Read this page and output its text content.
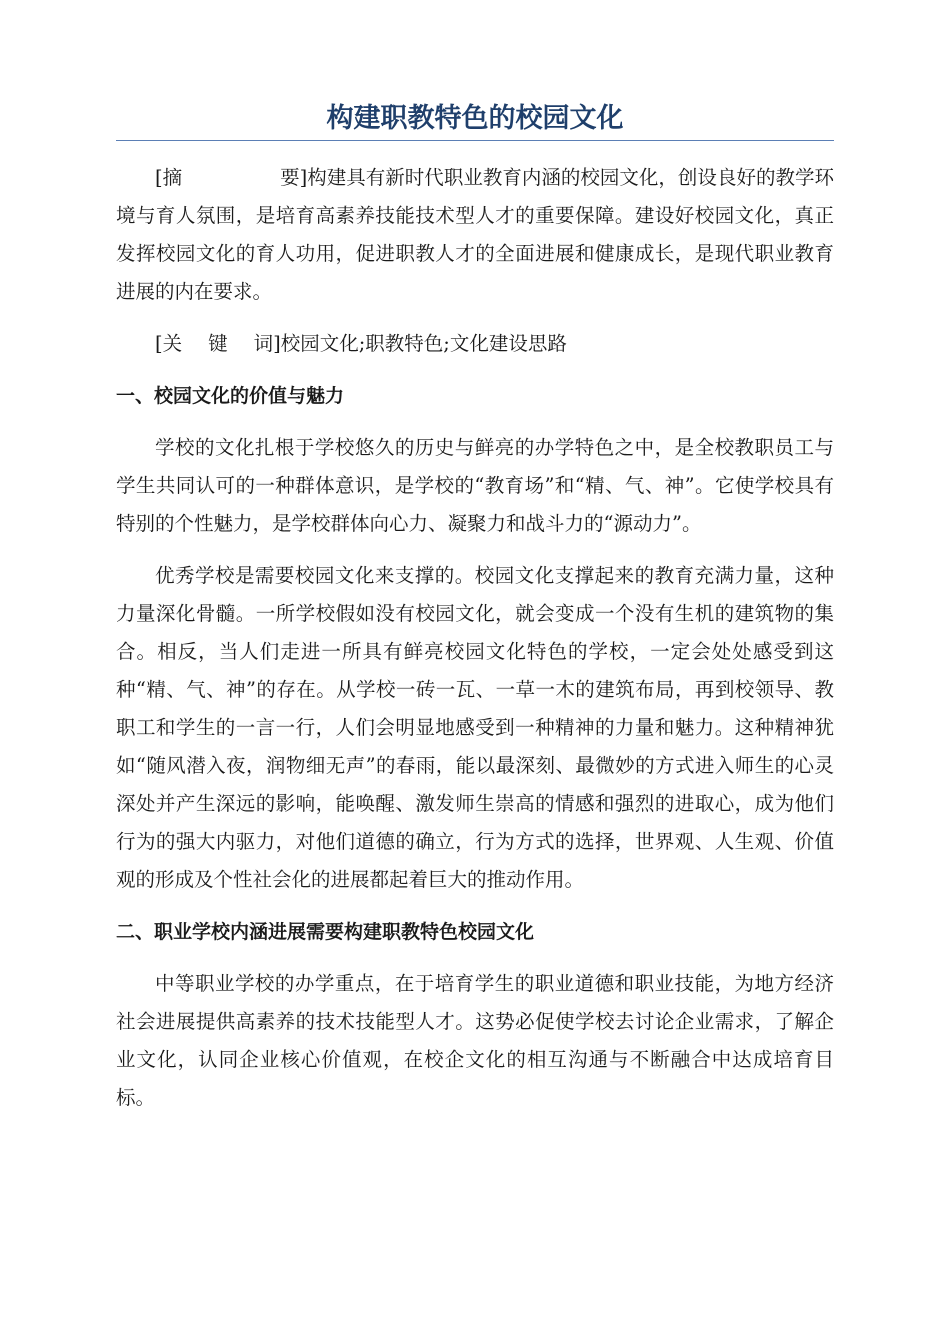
构建职教特色的校园文化

[摘	要]构建具有新时代职业教育内涵的校园文化，创设良好的教学环境与育人氛围，是培育高素养技能技术型人才的重要保障。建设好校园文化，真正发挥校园文化的育人功用，促进职教人才的全面进展和健康成长，是现代职业教育进展的内在要求。

[关 键 词]校园文化;职教特色;文化建设思路

一、校园文化的价值与魅力

学校的文化扎根于学校悠久的历史与鲜亮的办学特色之中，是全校教职员工与学生共同认可的一种群体意识，是学校的“教育场”和“精、气、神”。它使学校具有特别的个性魅力，是学校群体向心力、凝聚力和战斗力的“源动力”。

优秀学校是需要校园文化来支撑的。校园文化支撑起来的教育充满力量，这种力量深化骨髓。一所学校假如没有校园文化，就会变成一个没有生机的建筑物的集合。相反，当人们走进一所具有鲜亮校园文化特色的学校，一定会处处感受到这种“精、气、神”的存在。从学校一砖一瓦、一草一木的建筑布局，再到校领导、教职工和学生的一言一行，人们会明显地感受到一种精神的力量和魅力。这种精神犹如“随风潜入夜，润物细无声”的春雨，能以最深刻、最微妙的方式进入师生的心灵深处并产生深远的影响，能唤醒、激发师生崇高的情感和强烈的进取心，成为他们行为的强大内驱力，对他们道德的确立，行为方式的选择，世界观、人生观、价值观的形成及个性社会化的进展都起着巨大的推动作用。

二、职业学校内涵进展需要构建职教特色校园文化

中等职业学校的办学重点，在于培育学生的职业道德和职业技能，为地方经济社会进展提供高素养的技术技能型人才。这势必促使学校去讨论企业需求，了解企业文化，认同企业核心价值观，在校企文化的相互沟通与不断融合中达成培育目标。
